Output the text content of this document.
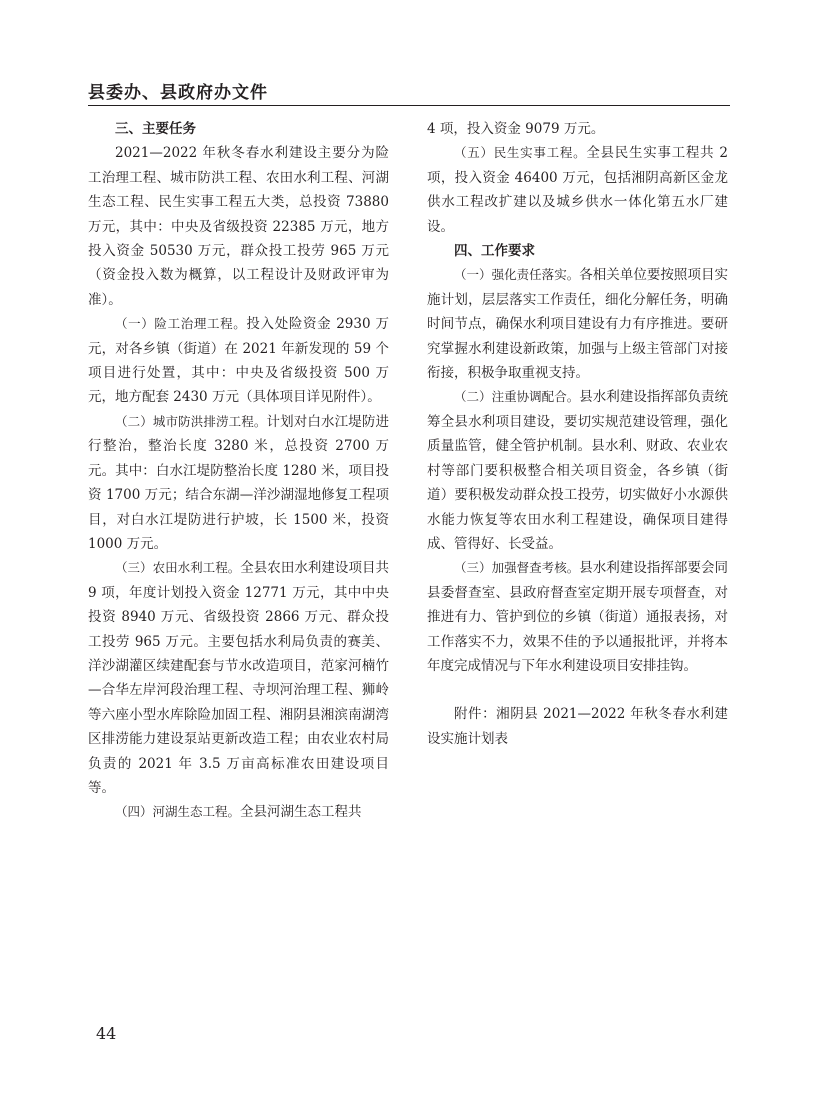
县委办、县政府办文件
三、主要任务

2021—2022 年秋冬春水利建设主要分为险工治理工程、城市防洪工程、农田水利工程、河湖生态工程、民生实事工程五大类，总投资 73880 万元，其中：中央及省级投资 22385 万元，地方投入资金 50530 万元，群众投工投劳 965 万元（资金投入数为概算，以工程设计及财政评审为准）。

（一）险工治理工程。投入处险资金 2930 万元，对各乡镇（街道）在 2021 年新发现的 59 个项目进行处置，其中：中央及省级投资 500 万元，地方配套 2430 万元（具体项目详见附件）。

（二）城市防洪排涝工程。计划对白水江堤防进行整治，整治长度 3280 米，总投资 2700 万元。其中：白水江堤防整治长度 1280 米，项目投资 1700 万元；结合东湖—洋沙湖湿地修复工程项目，对白水江堤防进行护坡，长 1500 米，投资 1000 万元。

（三）农田水利工程。全县农田水利建设项目共 9 项，年度计划投入资金 12771 万元，其中中央投资 8940 万元、省级投资 2866 万元、群众投工投劳 965 万元。主要包括水利局负责的赛美、洋沙湖灌区续建配套与节水改造项目，范家河楠竹—合华左岸河段治理工程、寺坝河治理工程、狮岭等六座小型水库除险加固工程、湘阴县湘滨南湖湾区排涝能力建设泵站更新改造工程；由农业农村局负责的 2021 年 3.5 万亩高标准农田建设项目等。

（四）河湖生态工程。全县河湖生态工程共

4 项，投入资金 9079 万元。

（五）民生实事工程。全县民生实事工程共 2 项，投入资金 46400 万元，包括湘阴高新区金龙供水工程改扩建以及城乡供水一体化第五水厂建设。

四、工作要求

（一）强化责任落实。各相关单位要按照项目实施计划，层层落实工作责任，细化分解任务，明确时间节点，确保水利项目建设有力有序推进。要研究掌握水利建设新政策，加强与上级主管部门对接衔接，积极争取重视支持。

（二）注重协调配合。县水利建设指挥部负责统筹全县水利项目建设，要切实规范建设管理，强化质量监管，健全管护机制。县水利、财政、农业农村等部门要积极整合相关项目资金，各乡镇（街道）要积极发动群众投工投劳，切实做好小水源供水能力恢复等农田水利工程建设，确保项目建得成、管得好、长受益。

（三）加强督查考核。县水利建设指挥部要会同县委督查室、县政府督查室定期开展专项督查，对推进有力、管护到位的乡镇（街道）通报表扬，对工作落实不力，效果不佳的予以通报批评，并将本年度完成情况与下年水利建设项目安排挂钩。

附件：湘阴县 2021—2022 年秋冬春水利建设实施计划表

44
